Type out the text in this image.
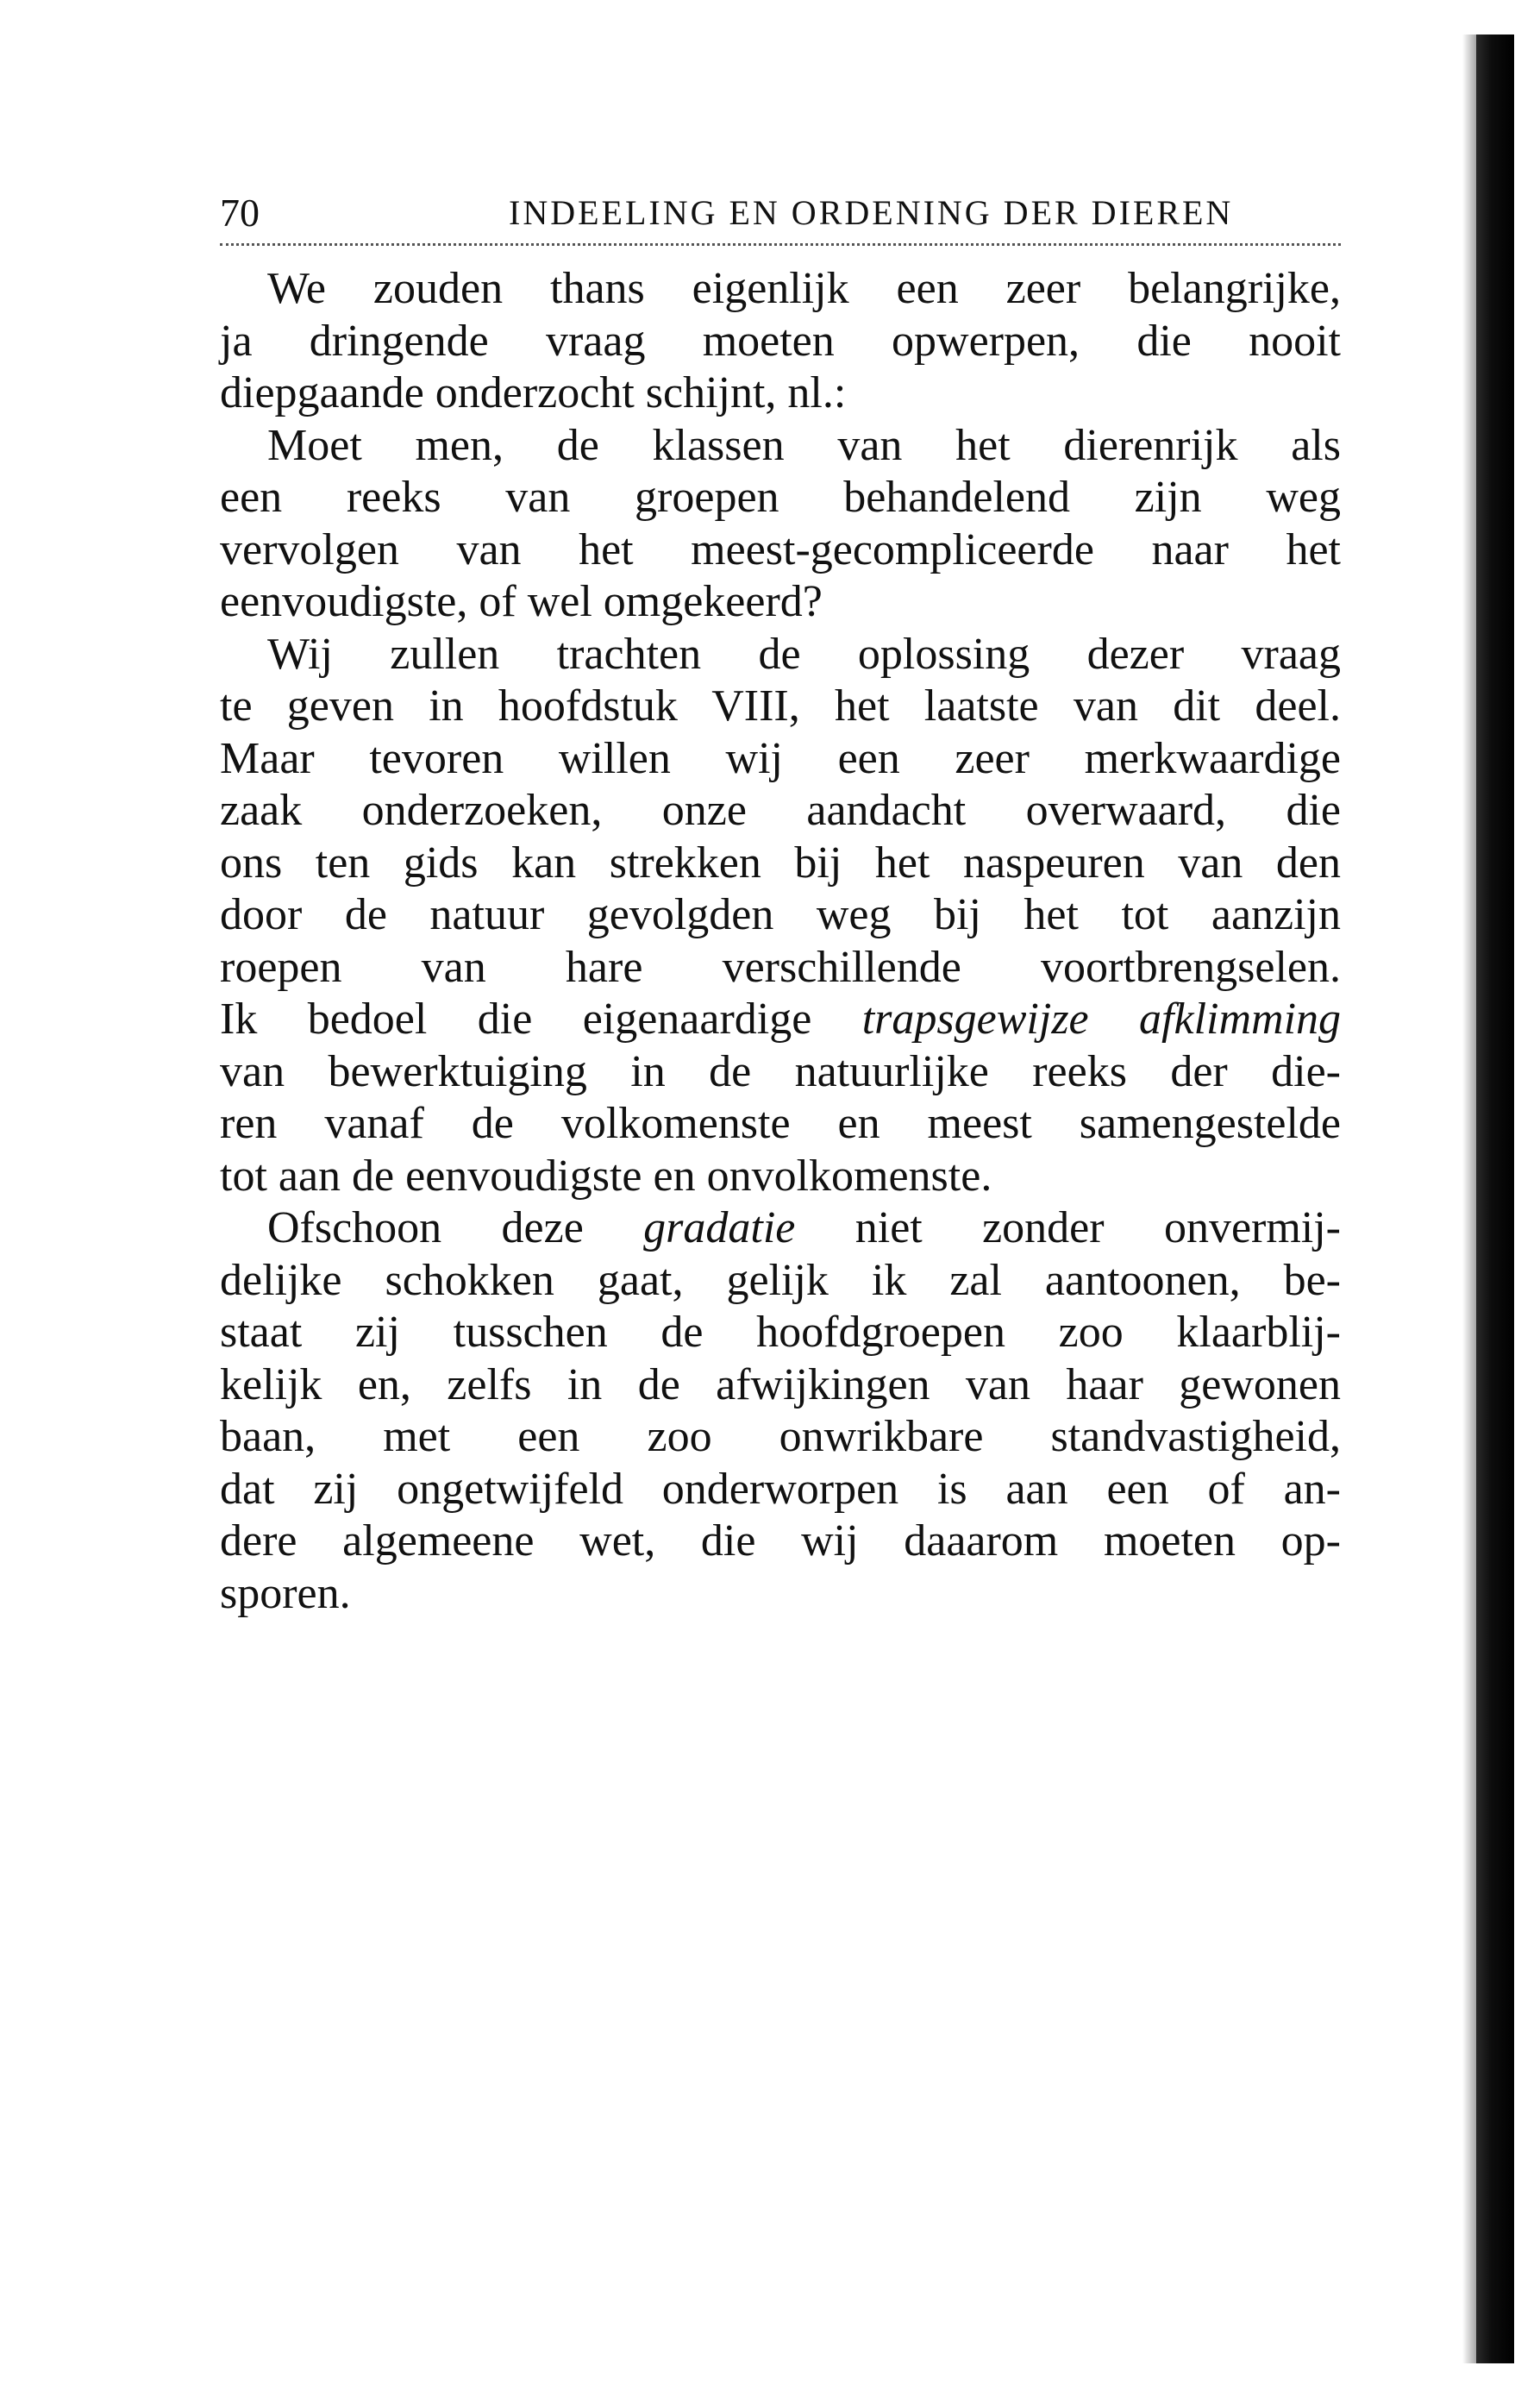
70	INDEELING EN ORDENING DER DIEREN
We zouden thans eigenlijk een zeer belangrijke,
ja dringende vraag moeten opwerpen, die nooit
diepgaande onderzocht schijnt, nl.:
Moet men, de klassen van het dierenrijk als
een reeks van groepen behandelend zijn weg
vervolgen van het meest-gecompliceerde naar het
eenvoudigste, of wel omgekeerd?
Wij zullen trachten de oplossing dezer vraag
te geven in hoofdstuk VIII, het laatste van dit deel.
Maar tevoren willen wij een zeer merkwaardige
zaak onderzoeken, onze aandacht overwaard, die
ons ten gids kan strekken bij het naspeuren van den
door de natuur gevolgden weg bij het tot aanzijn
roepen van hare verschillende voortbrengselen.
Ik bedoel die eigenaardige trapsgewijze afklimming
van bewerktuiging in de natuurlijke reeks der die-
ren vanaf de volkomenste en meest samengestelde
tot aan de eenvoudigste en onvolkomenste.
Ofschoon deze gradatie niet zonder onvermij-
delijke schokken gaat, gelijk ik zal aantoonen, be-
staat zij tusschen de hoofdgroepen zoo klaarblij-
kelijk en, zelfs in de afwijkingen van haar gewonen
baan, met een zoo onwrikbare standvastigheid,
dat zij ongetwijfeld onderworpen is aan een of an-
dere algemeene wet, die wij daaarom moeten op-
sporen.
